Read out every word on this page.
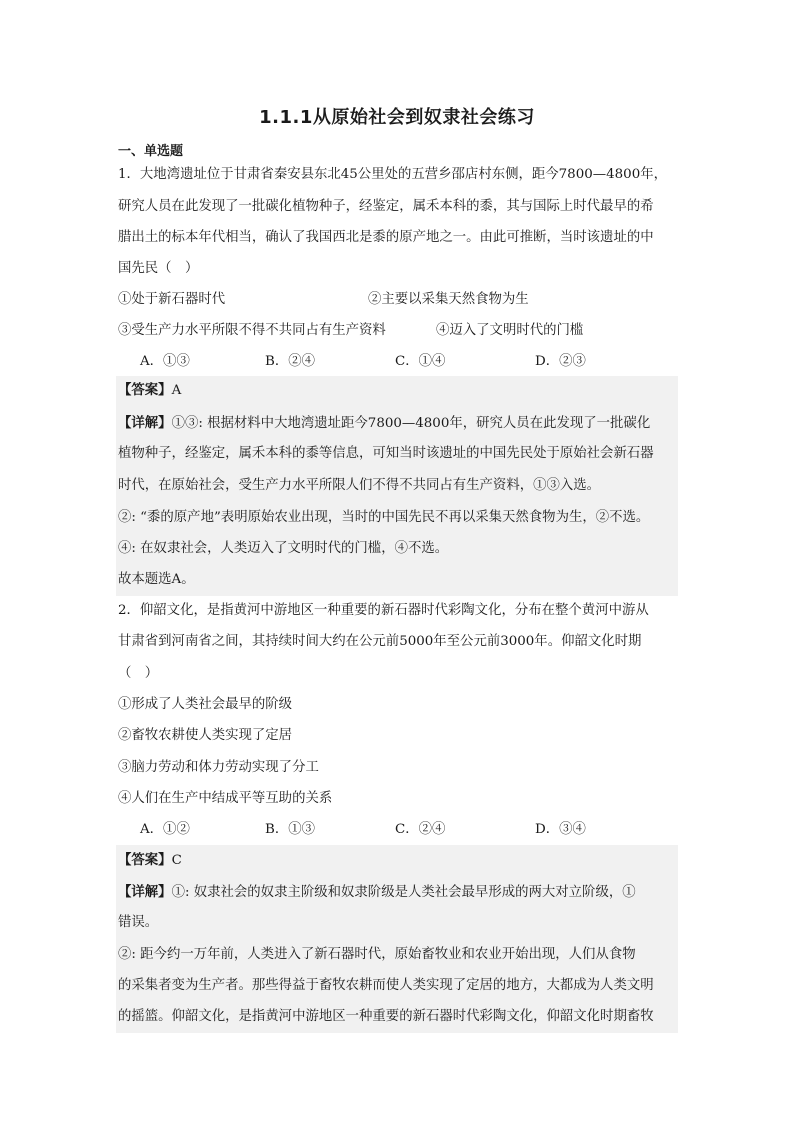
1.1.1从原始社会到奴隶社会练习
一、单选题
1．大地湾遗址位于甘肃省秦安县东北45公里处的五营乡邵店村东侧，距今7800—4800年，
研究人员在此发现了一批碳化植物种子，经鉴定，属禾本科的黍，其与国际上时代最早的希
腊出土的标本年代相当，确认了我国西北是黍的原产地之一。由此可推断，当时该遗址的中
国先民（　）
①处于新石器时代	②主要以采集天然食物为生
③受生产力水平所限不得不共同占有生产资料	④迈入了文明时代的门槛
A．①③	B．②④	C．①④	D．②③
【答案】A
【详解】①③: 根据材料中大地湾遗址距今7800—4800年，研究人员在此发现了一批碳化
植物种子，经鉴定，属禾本科的黍等信息，可知当时该遗址的中国先民处于原始社会新石器
时代，在原始社会，受生产力水平所限人们不得不共同占有生产资料，①③入选。
②: “黍的原产地”表明原始农业出现，当时的中国先民不再以采集天然食物为生，②不选。
④: 在奴隶社会，人类迈入了文明时代的门槛，④不选。
故本题选A。
2．仰韶文化，是指黄河中游地区一种重要的新石器时代彩陶文化，分布在整个黄河中游从
甘肃省到河南省之间，其持续时间大约在公元前5000年至公元前3000年。仰韶文化时期
（　）
①形成了人类社会最早的阶级
②畜牧农耕使人类实现了定居
③脑力劳动和体力劳动实现了分工
④人们在生产中结成平等互助的关系
A．①②	B．①③	C．②④	D．③④
【答案】C
【详解】①: 奴隶社会的奴隶主阶级和奴隶阶级是人类社会最早形成的两大对立阶级，①
错误。
②: 距今约一万年前，人类进入了新石器时代，原始畜牧业和农业开始出现，人们从食物
的采集者变为生产者。那些得益于畜牧农耕而使人类实现了定居的地方，大都成为人类文明
的摇篮。仰韶文化，是指黄河中游地区一种重要的新石器时代彩陶文化，仰韶文化时期畜牧
